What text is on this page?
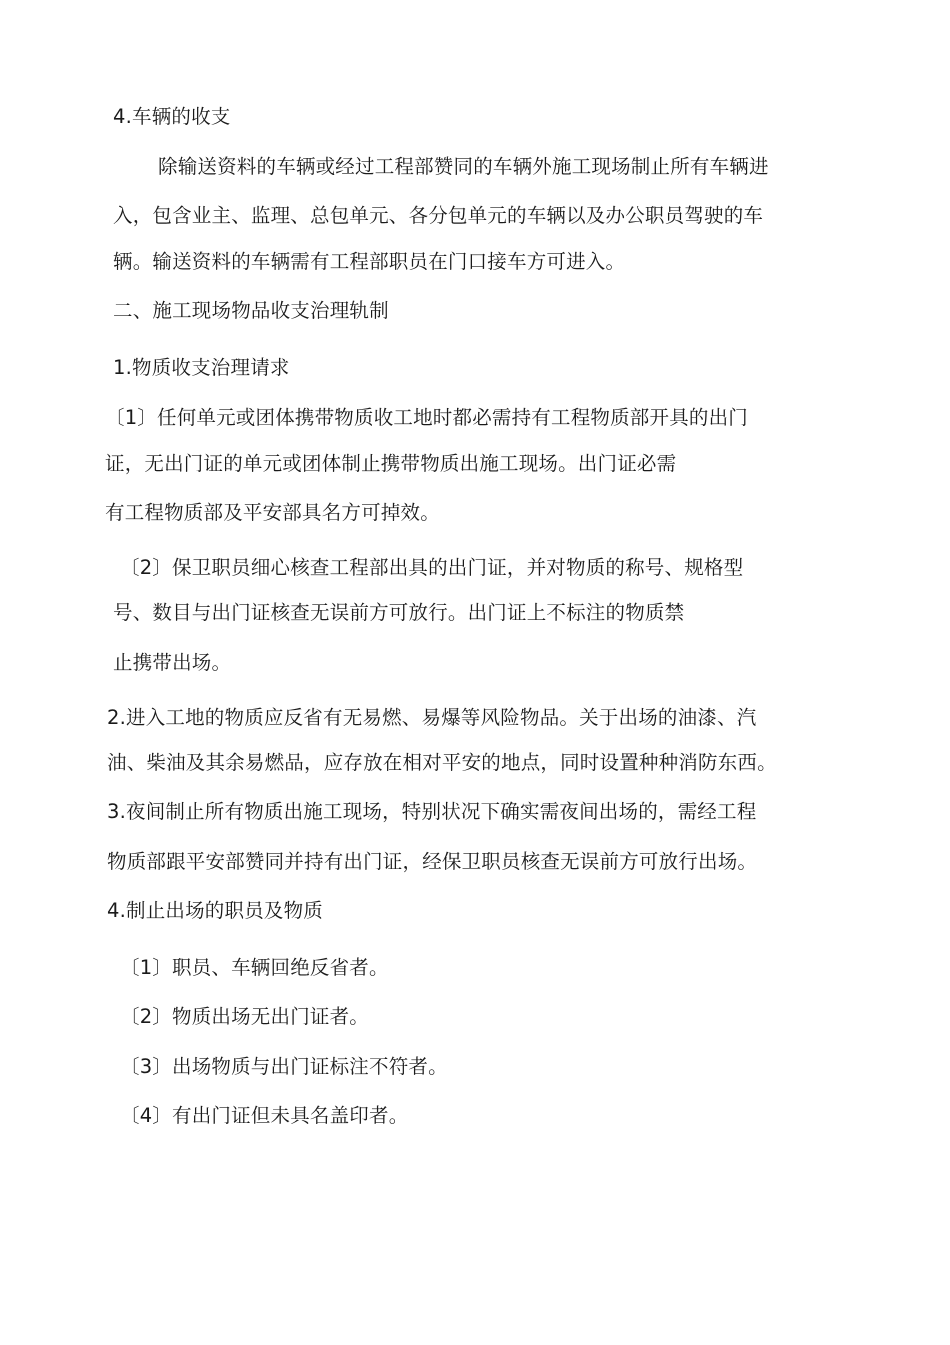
4.车辆的收支
除输送资料的车辆或经过工程部赞同的车辆外施工现场制止所有车辆进
入，包含业主、监理、总包单元、各分包单元的车辆以及办公职员驾驶的车
辆。输送资料的车辆需有工程部职员在门口接车方可进入。
二、施工现场物品收支治理轨制
1.物质收支治理请求
〔1〕任何单元或团体携带物质收工地时都必需持有工程物质部开具的出门
证，无出门证的单元或团体制止携带物质出施工现场。出门证必需
有工程物质部及平安部具名方可掉效。
〔2〕保卫职员细心核查工程部出具的出门证，并对物质的称号、规格型
号、数目与出门证核查无误前方可放行。出门证上不标注的物质禁
止携带出场。
2.进入工地的物质应反省有无易燃、易爆等风险物品。关于出场的油漆、汽
油、柴油及其余易燃品，应存放在相对平安的地点，同时设置种种消防东西。
3.夜间制止所有物质出施工现场，特别状况下确实需夜间出场的，需经工程
物质部跟平安部赞同并持有出门证，经保卫职员核查无误前方可放行出场。
4.制止出场的职员及物质
〔1〕职员、车辆回绝反省者。
〔2〕物质出场无出门证者。
〔3〕出场物质与出门证标注不符者。
〔4〕有出门证但未具名盖印者。
